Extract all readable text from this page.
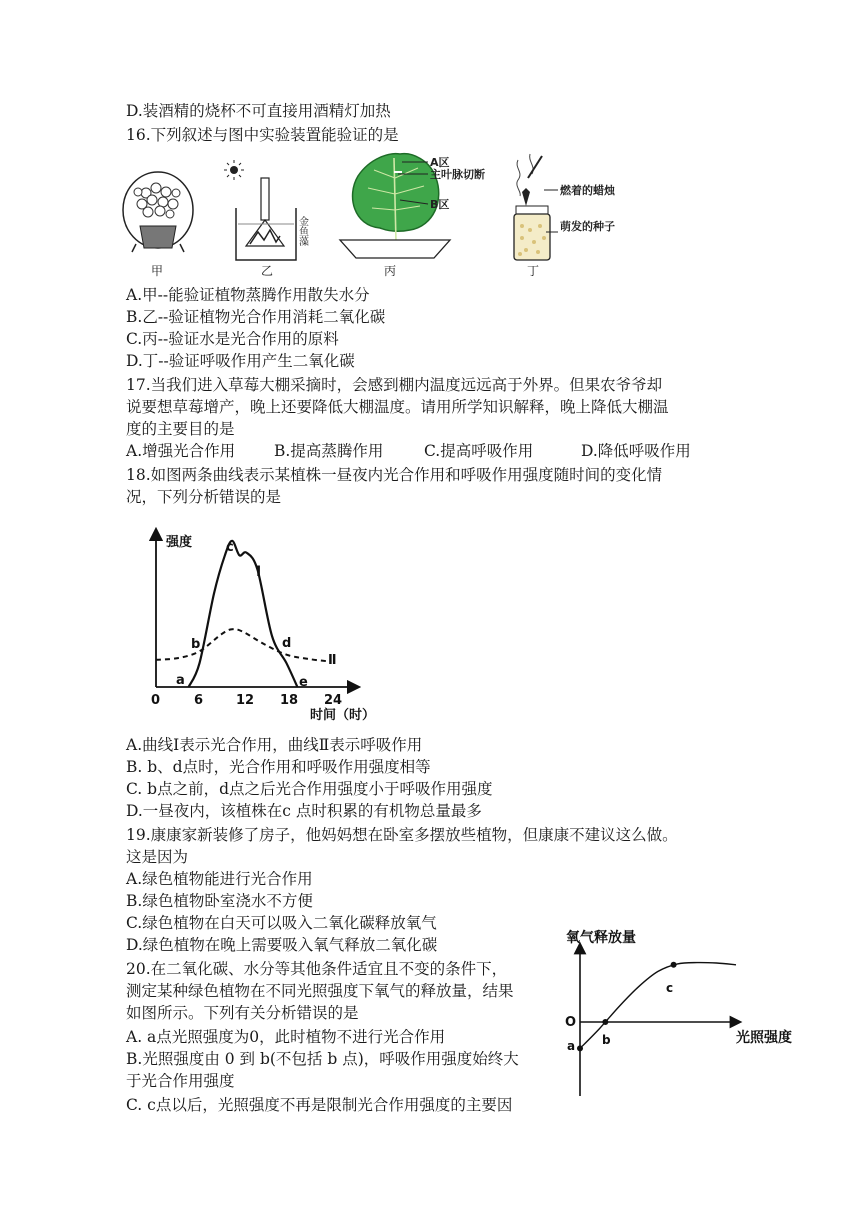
D.装酒精的烧杯不可直接用酒精灯加热
16.下列叙述与图中实验装置能验证的是
甲
金鱼藻
乙
A区
主叶脉切断
B区
丙
燃着的蜡烛
萌发的种子
丁
A.甲--能验证植物蒸腾作用散失水分
B.乙--验证植物光合作用消耗二氧化碳
C.丙--验证水是光合作用的原料
D.丁--验证呼吸作用产生二氧化碳
17.当我们进入草莓大棚采摘时，会感到棚内温度远远高于外界。但果农爷爷却
说要想草莓增产，晚上还要降低大棚温度。请用所学知识解释，晚上降低大棚温
度的主要目的是
A.增强光合作用	B.提高蒸腾作用	C.提高呼吸作用	D.降低呼吸作用
18.如图两条曲线表示某植株一昼夜内光合作用和呼吸作用强度随时间的变化情
况，下列分析错误的是
强度
时间（时）
0	6	12 18 24
Ⅰ
Ⅱ
a
b
c
d
e
A.曲线Ⅰ表示光合作用，曲线Ⅱ表示呼吸作用
B. b、d点时，光合作用和呼吸作用强度相等
C. b点之前，d点之后光合作用强度小于呼吸作用强度
D.一昼夜内，该植株在c 点时积累的有机物总量最多
19.康康家新装修了房子，他妈妈想在卧室多摆放些植物，但康康不建议这么做。
这是因为
A.绿色植物能进行光合作用
B.绿色植物卧室浇水不方便
C.绿色植物在白天可以吸入二氧化碳释放氧气
D.绿色植物在晚上需要吸入氧气释放二氧化碳
20.在二氧化碳、水分等其他条件适宜且不变的条件下，
测定某种绿色植物在不同光照强度下氧气的释放量，结果
如图所示。下列有关分析错误的是
A. a点光照强度为0，此时植物不进行光合作用
B.光照强度由 0 到 b(不包括 b 点)，呼吸作用强度始终大
于光合作用强度
C. c点以后，光照强度不再是限制光合作用强度的主要因
氧气释放量
光照强度
O
a b
c
